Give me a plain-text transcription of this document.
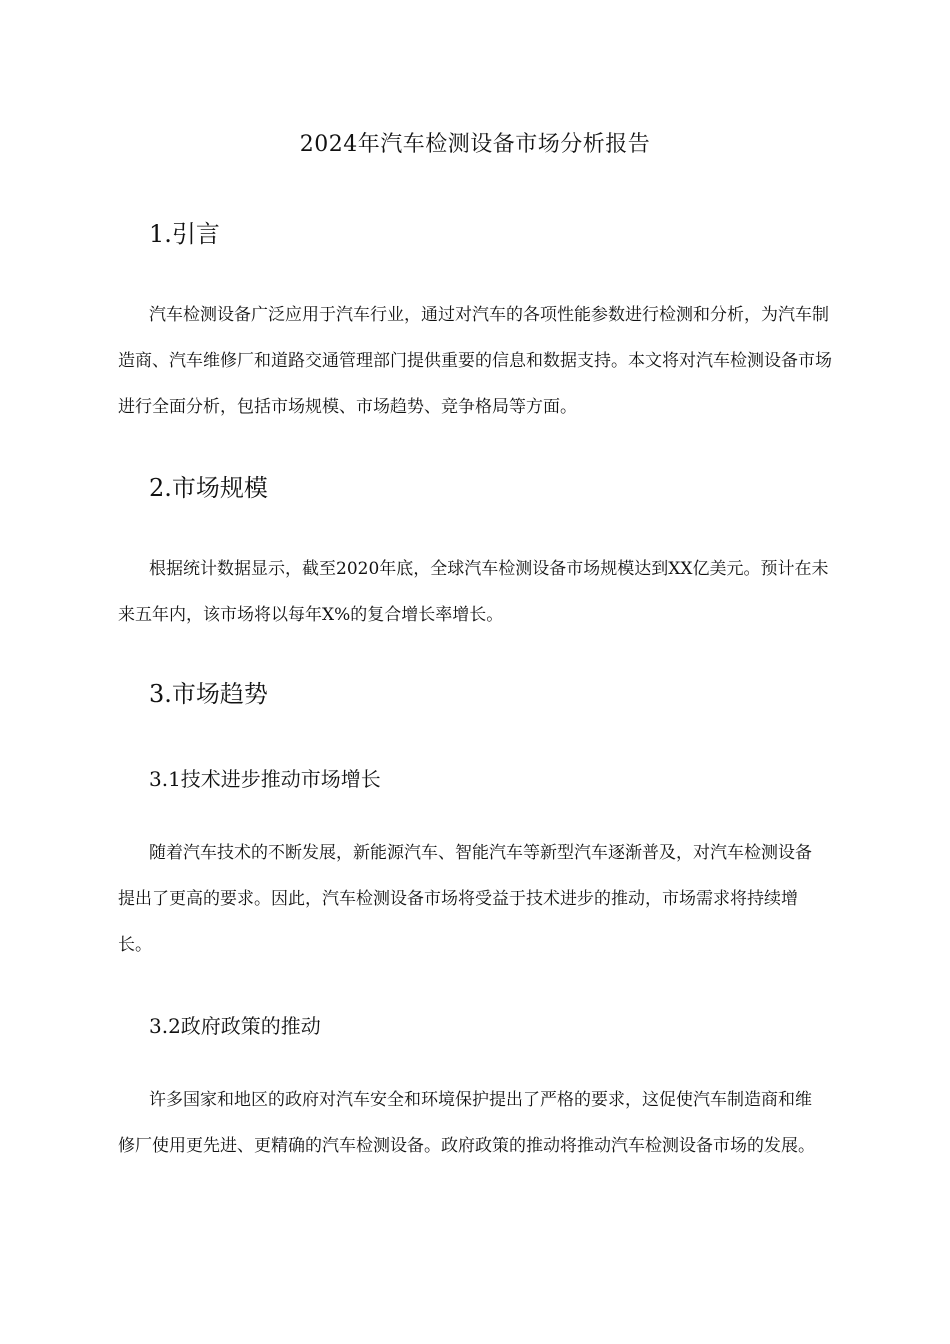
2024年汽车检测设备市场分析报告
1.引言

汽车检测设备广泛应用于汽车行业，通过对汽车的各项性能参数进行检测和分析，为汽车制造商、汽车维修厂和道路交通管理部门提供重要的信息和数据支持。本文将对汽车检测设备市场进行全面分析，包括市场规模、市场趋势、竞争格局等方面。

2.市场规模

根据统计数据显示，截至2020年底，全球汽车检测设备市场规模达到XX亿美元。预计在未来五年内，该市场将以每年X%的复合增长率增长。

3.市场趋势
3.1技术进步推动市场增长

随着汽车技术的不断发展，新能源汽车、智能汽车等新型汽车逐渐普及，对汽车检测设备提出了更高的要求。因此，汽车检测设备市场将受益于技术进步的推动，市场需求将持续增长。

3.2政府政策的推动

许多国家和地区的政府对汽车安全和环境保护提出了严格的要求，这促使汽车制造商和维修厂使用更先进、更精确的汽车检测设备。政府政策的推动将推动汽车检测设备市场的发展。
